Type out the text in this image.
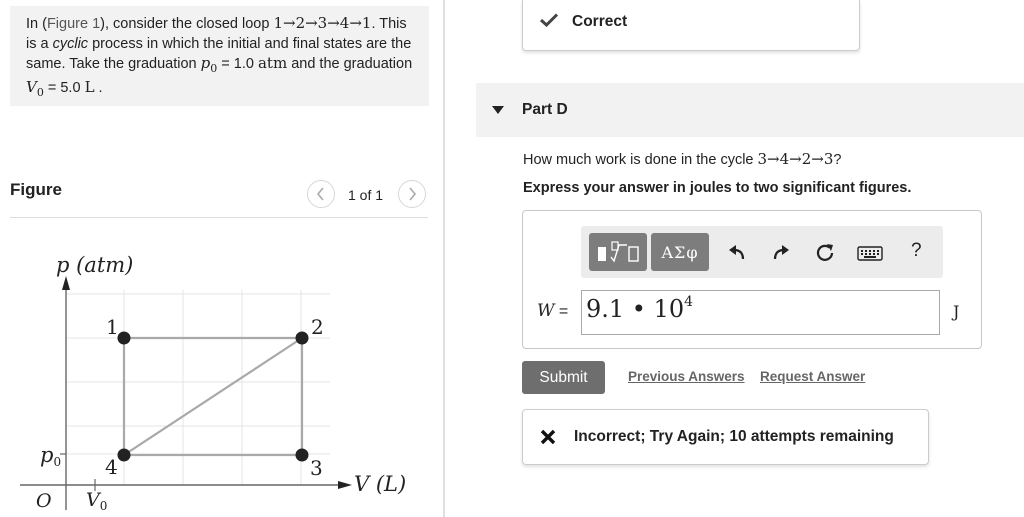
In (Figure 1), consider the closed loop 1→2→3→4→1. This is a cyclic process in which the initial and final states are the same. Take the graduation $p_0 = 1.0$ atm and the graduation $V_0 = 5.0$ L .
Figure	1 of 1
p (atm)
V (L)
O
p0
$V_0$
1	2
3
4
Correct
Part D
How much work is done in the cycle 3→4→2→3?
Express your answer in joules to two significant figures.
ΑΣφ	?
W = 9.1 • $10^4$	J
Submit	Previous Answers Request Answer
Incorrect; Try Again; 10 attempts remaining
